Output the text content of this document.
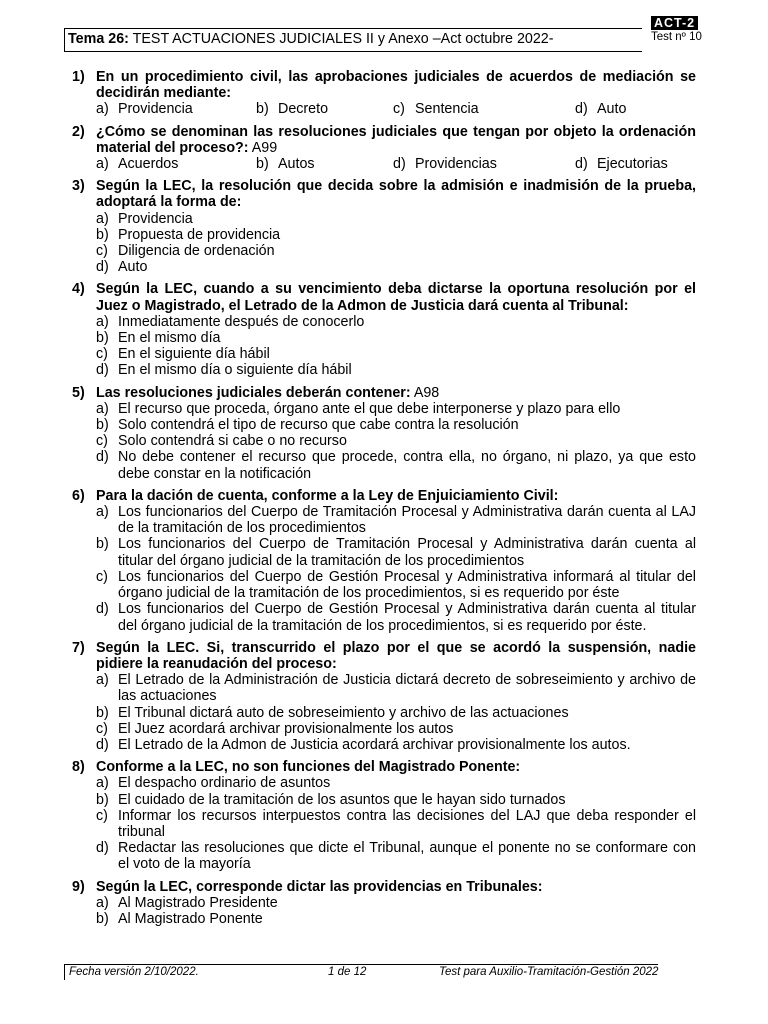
Tema 26: TEST ACTUACIONES JUDICIALES II y Anexo –Act octubre 2022-
ACT-2 .
Test nº 10
1) En un procedimiento civil, las aprobaciones judiciales de acuerdos de mediación se decidirán mediante:
a) Providencia	b) Decreto	c) Sentencia	d) Auto
2) ¿Cómo se denominan las resoluciones judiciales que tengan por objeto la ordenación material del proceso?: A99
a) Acuerdos	b) Autos	d) Providencias	d) Ejecutorias
3) Según la LEC, la resolución que decida sobre la admisión e inadmisión de la prueba, adoptará la forma de:
a) Providencia
b) Propuesta de providencia
c) Diligencia de ordenación
d) Auto
4) Según la LEC, cuando a su vencimiento deba dictarse la oportuna resolución por el Juez o Magistrado, el Letrado de la Admon de Justicia dará cuenta al Tribunal:
a) Inmediatamente después de conocerlo
b) En el mismo día
c) En el siguiente día hábil
d) En el mismo día o siguiente día hábil
5) Las resoluciones judiciales deberán contener: A98
a) El recurso que proceda, órgano ante el que debe interponerse y plazo para ello
b) Solo contendrá el tipo de recurso que cabe contra la resolución
c) Solo contendrá si cabe o no recurso
d) No debe contener el recurso que procede, contra ella, no órgano, ni plazo, ya que esto debe constar en la notificación
6) Para la dación de cuenta, conforme a la Ley de Enjuiciamiento Civil:
a) Los funcionarios del Cuerpo de Tramitación Procesal y Administrativa darán cuenta al LAJ de la tramitación de los procedimientos
b) Los funcionarios del Cuerpo de Tramitación Procesal y Administrativa darán cuenta al titular del órgano judicial de la tramitación de los procedimientos
c) Los funcionarios del Cuerpo de Gestión Procesal y Administrativa informará al titular del órgano judicial de la tramitación de los procedimientos, si es requerido por éste
d) Los funcionarios del Cuerpo de Gestión Procesal y Administrativa darán cuenta al titular del órgano judicial de la tramitación de los procedimientos, si es requerido por éste.
7) Según la LEC. Si, transcurrido el plazo por el que se acordó la suspensión, nadie pidiere la reanudación del proceso:
a) El Letrado de la Administración de Justicia dictará decreto de sobreseimiento y archivo de las actuaciones
b) El Tribunal dictará auto de sobreseimiento y archivo de las actuaciones
c) El Juez acordará archivar provisionalmente los autos
d) El Letrado de la Admon de Justicia acordará archivar provisionalmente los autos.
8) Conforme a la LEC, no son funciones del Magistrado Ponente:
a) El despacho ordinario de asuntos
b) El cuidado de la tramitación de los asuntos que le hayan sido turnados
c) Informar los recursos interpuestos contra las decisiones del LAJ que deba responder el tribunal
d) Redactar las resoluciones que dicte el Tribunal, aunque el ponente no se conformare con el voto de la mayoría
9) Según la LEC, corresponde dictar las providencias en Tribunales:
a) Al Magistrado Presidente
b) Al Magistrado Ponente
Fecha versión 2/10/2022.	1 de 12	Test para Auxilio-Tramitación-Gestión 2022
